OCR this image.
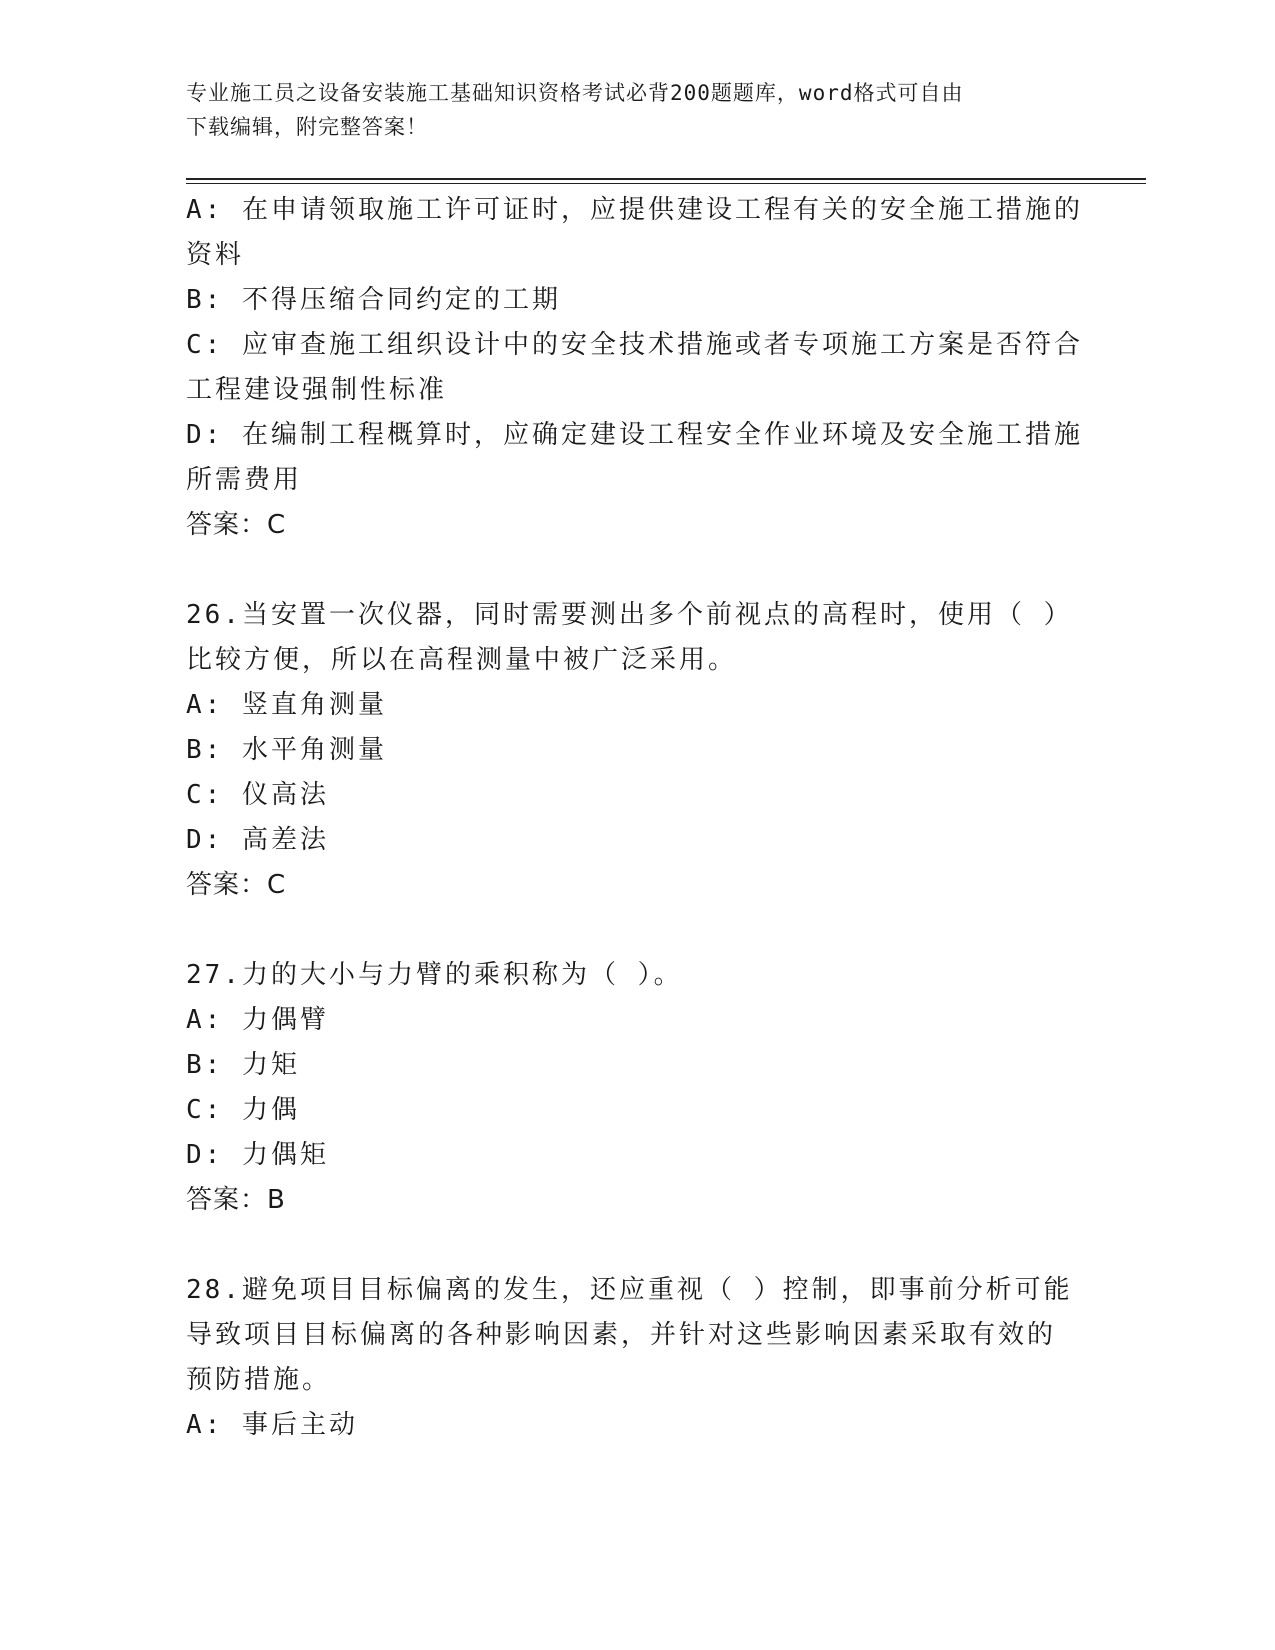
专业施工员之设备安装施工基础知识资格考试必背200题题库，word格式可自由
下载编辑，附完整答案！
A: 在申请领取施工许可证时，应提供建设工程有关的安全施工措施的
资料
B: 不得压缩合同约定的工期
C: 应审查施工组织设计中的安全技术措施或者专项施工方案是否符合
工程建设强制性标准
D: 在编制工程概算时，应确定建设工程安全作业环境及安全施工措施
所需费用
答案：C
26.当安置一次仪器，同时需要测出多个前视点的高程时，使用（ ）
比较方便，所以在高程测量中被广泛采用。
A: 竖直角测量
B: 水平角测量
C: 仪高法
D: 高差法
答案：C
27.力的大小与力臂的乘积称为（ ）。
A: 力偶臂
B: 力矩
C: 力偶
D: 力偶矩
答案：B
28.避免项目目标偏离的发生，还应重视（ ）控制，即事前分析可能
导致项目目标偏离的各种影响因素，并针对这些影响因素采取有效的
预防措施。
A: 事后主动
